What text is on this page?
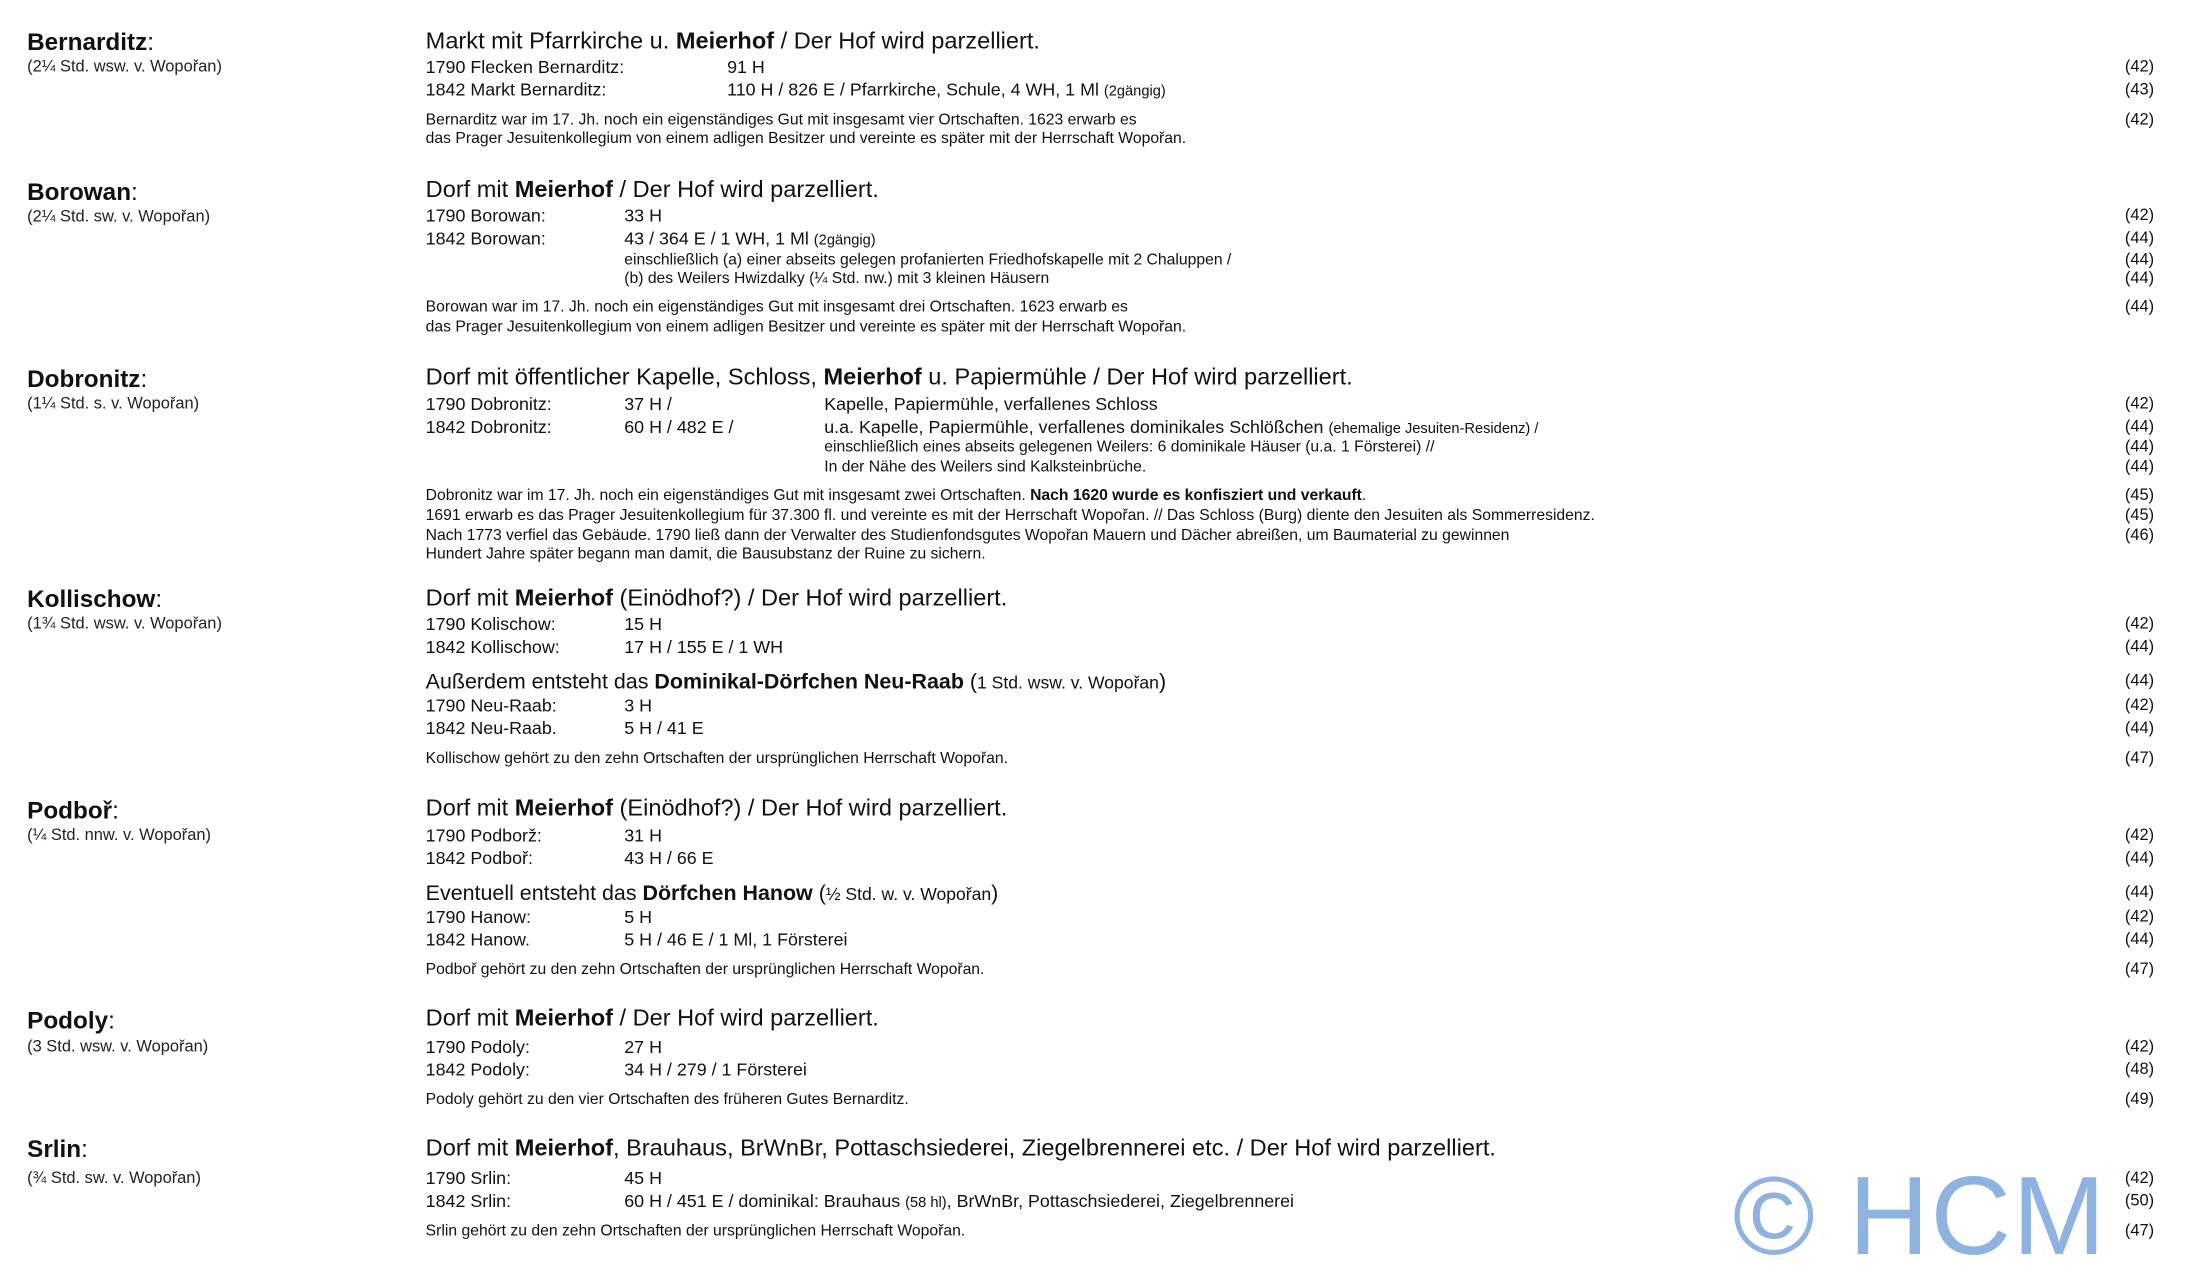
Bernarditz:
(2¼ Std. wsw. v. Wopořan)
Markt mit Pfarrkirche u. Meierhof / Der Hof wird parzelliert.
1790 Flecken Bernarditz:	91 H	(42)
1842 Markt Bernarditz:	110 H / 826 E / Pfarrkirche, Schule, 4 WH, 1 Ml (2gängig)	(43)
Bernarditz war im 17. Jh. noch ein eigenständiges Gut mit insgesamt vier Ortschaften. 1623 erwarb es	(42)
das Prager Jesuitenkollegium von einem adligen Besitzer und vereinte es später mit der Herrschaft Wopořan.
Borowan:
(2¼ Std. sw. v. Wopořan)
Dorf mit Meierhof / Der Hof wird parzelliert.
1790 Borowan:	33 H	(42)
1842 Borowan:	43 / 364 E / 1 WH, 1 Ml (2gängig)	(44)
einschließlich (a) einer abseits gelegen profanierten Friedhofskapelle mit 2 Chaluppen /	(44)
(b) des Weilers Hwizdalky (¼ Std. nw.) mit 3 kleinen Häusern	(44)
Borowan war im 17. Jh. noch ein eigenständiges Gut mit insgesamt drei Ortschaften. 1623 erwarb es	(44)
das Prager Jesuitenkollegium von einem adligen Besitzer und vereinte es später mit der Herrschaft Wopořan.
Dobronitz:
(1¼ Std. s. v. Wopořan)
Dorf mit öffentlicher Kapelle, Schloss, Meierhof u. Papiermühle / Der Hof wird parzelliert.
1790 Dobronitz:	37 H /	Kapelle, Papiermühle, verfallenes Schloss	(42)
1842 Dobronitz:	60 H / 482 E /	u.a. Kapelle, Papiermühle, verfallenes dominikales Schlößchen (ehemalige Jesuiten-Residenz) /	(44)
einschließlich eines abseits gelegenen Weilers: 6 dominikale Häuser (u.a. 1 Försterei) //	(44)
In der Nähe des Weilers sind Kalksteinbrüche.	(44)
Dobronitz war im 17. Jh. noch ein eigenständiges Gut mit insgesamt zwei Ortschaften. Nach 1620 wurde es konfisziert und verkauft.	(45)
1691 erwarb es das Prager Jesuitenkollegium für 37.300 fl. und vereinte es mit der Herrschaft Wopořan. // Das Schloss (Burg) diente den Jesuiten als Sommerresidenz.	(45)
Nach 1773 verfiel das Gebäude. 1790 ließ dann der Verwalter des Studienfondsgutes Wopořan Mauern und Dächer abreißen, um Baumaterial zu gewinnen	(46)
Hundert Jahre später begann man damit, die Bausubstanz der Ruine zu sichern.
Kollischow:
(1¾ Std. wsw. v. Wopořan)
Dorf mit Meierhof (Einödhof?) / Der Hof wird parzelliert.
1790 Kolischow:	15 H	(42)
1842 Kollischow:	17 H / 155 E / 1 WH	(44)
Außerdem entsteht das Dominikal-Dörfchen Neu-Raab (1 Std. wsw. v. Wopořan)	(44)
1790 Neu-Raab:	3 H	(42)
1842 Neu-Raab.	5 H / 41 E	(44)
Kollischow gehört zu den zehn Ortschaften der ursprünglichen Herrschaft Wopořan.	(47)
Podboř:
(¼ Std. nnw. v. Wopořan)
Dorf mit Meierhof (Einödhof?) / Der Hof wird parzelliert.
1790 Podborž:	31 H	(42)
1842 Podboř:	43 H / 66 E	(44)
Eventuell entsteht das Dörfchen Hanow (½ Std. w. v. Wopořan)	(44)
1790 Hanow:	5 H	(42)
1842 Hanow.	5 H / 46 E / 1 Ml, 1 Försterei	(44)
Podboř gehört zu den zehn Ortschaften der ursprünglichen Herrschaft Wopořan.	(47)
Podoly:
(3 Std. wsw. v. Wopořan)
Dorf mit Meierhof / Der Hof wird parzelliert.
1790 Podoly:	27 H	(42)
1842 Podoly:	34 H / 279 / 1 Försterei	(48)
Podoly gehört zu den vier Ortschaften des früheren Gutes Bernarditz.	(49)
Srlin:
(¾ Std. sw. v. Wopořan)
Dorf mit Meierhof, Brauhaus, BrWnBr, Pottaschsiederei, Ziegelbrennerei etc. / Der Hof wird parzelliert.
1790 Srlin:	45 H	(42)
1842 Srlin:	60 H / 451 E / dominikal: Brauhaus (58 hl), BrWnBr, Pottaschsiederei, Ziegelbrennerei	(50)
Srlin gehört zu den zehn Ortschaften der ursprünglichen Herrschaft Wopořan.	(47)
© HCM
